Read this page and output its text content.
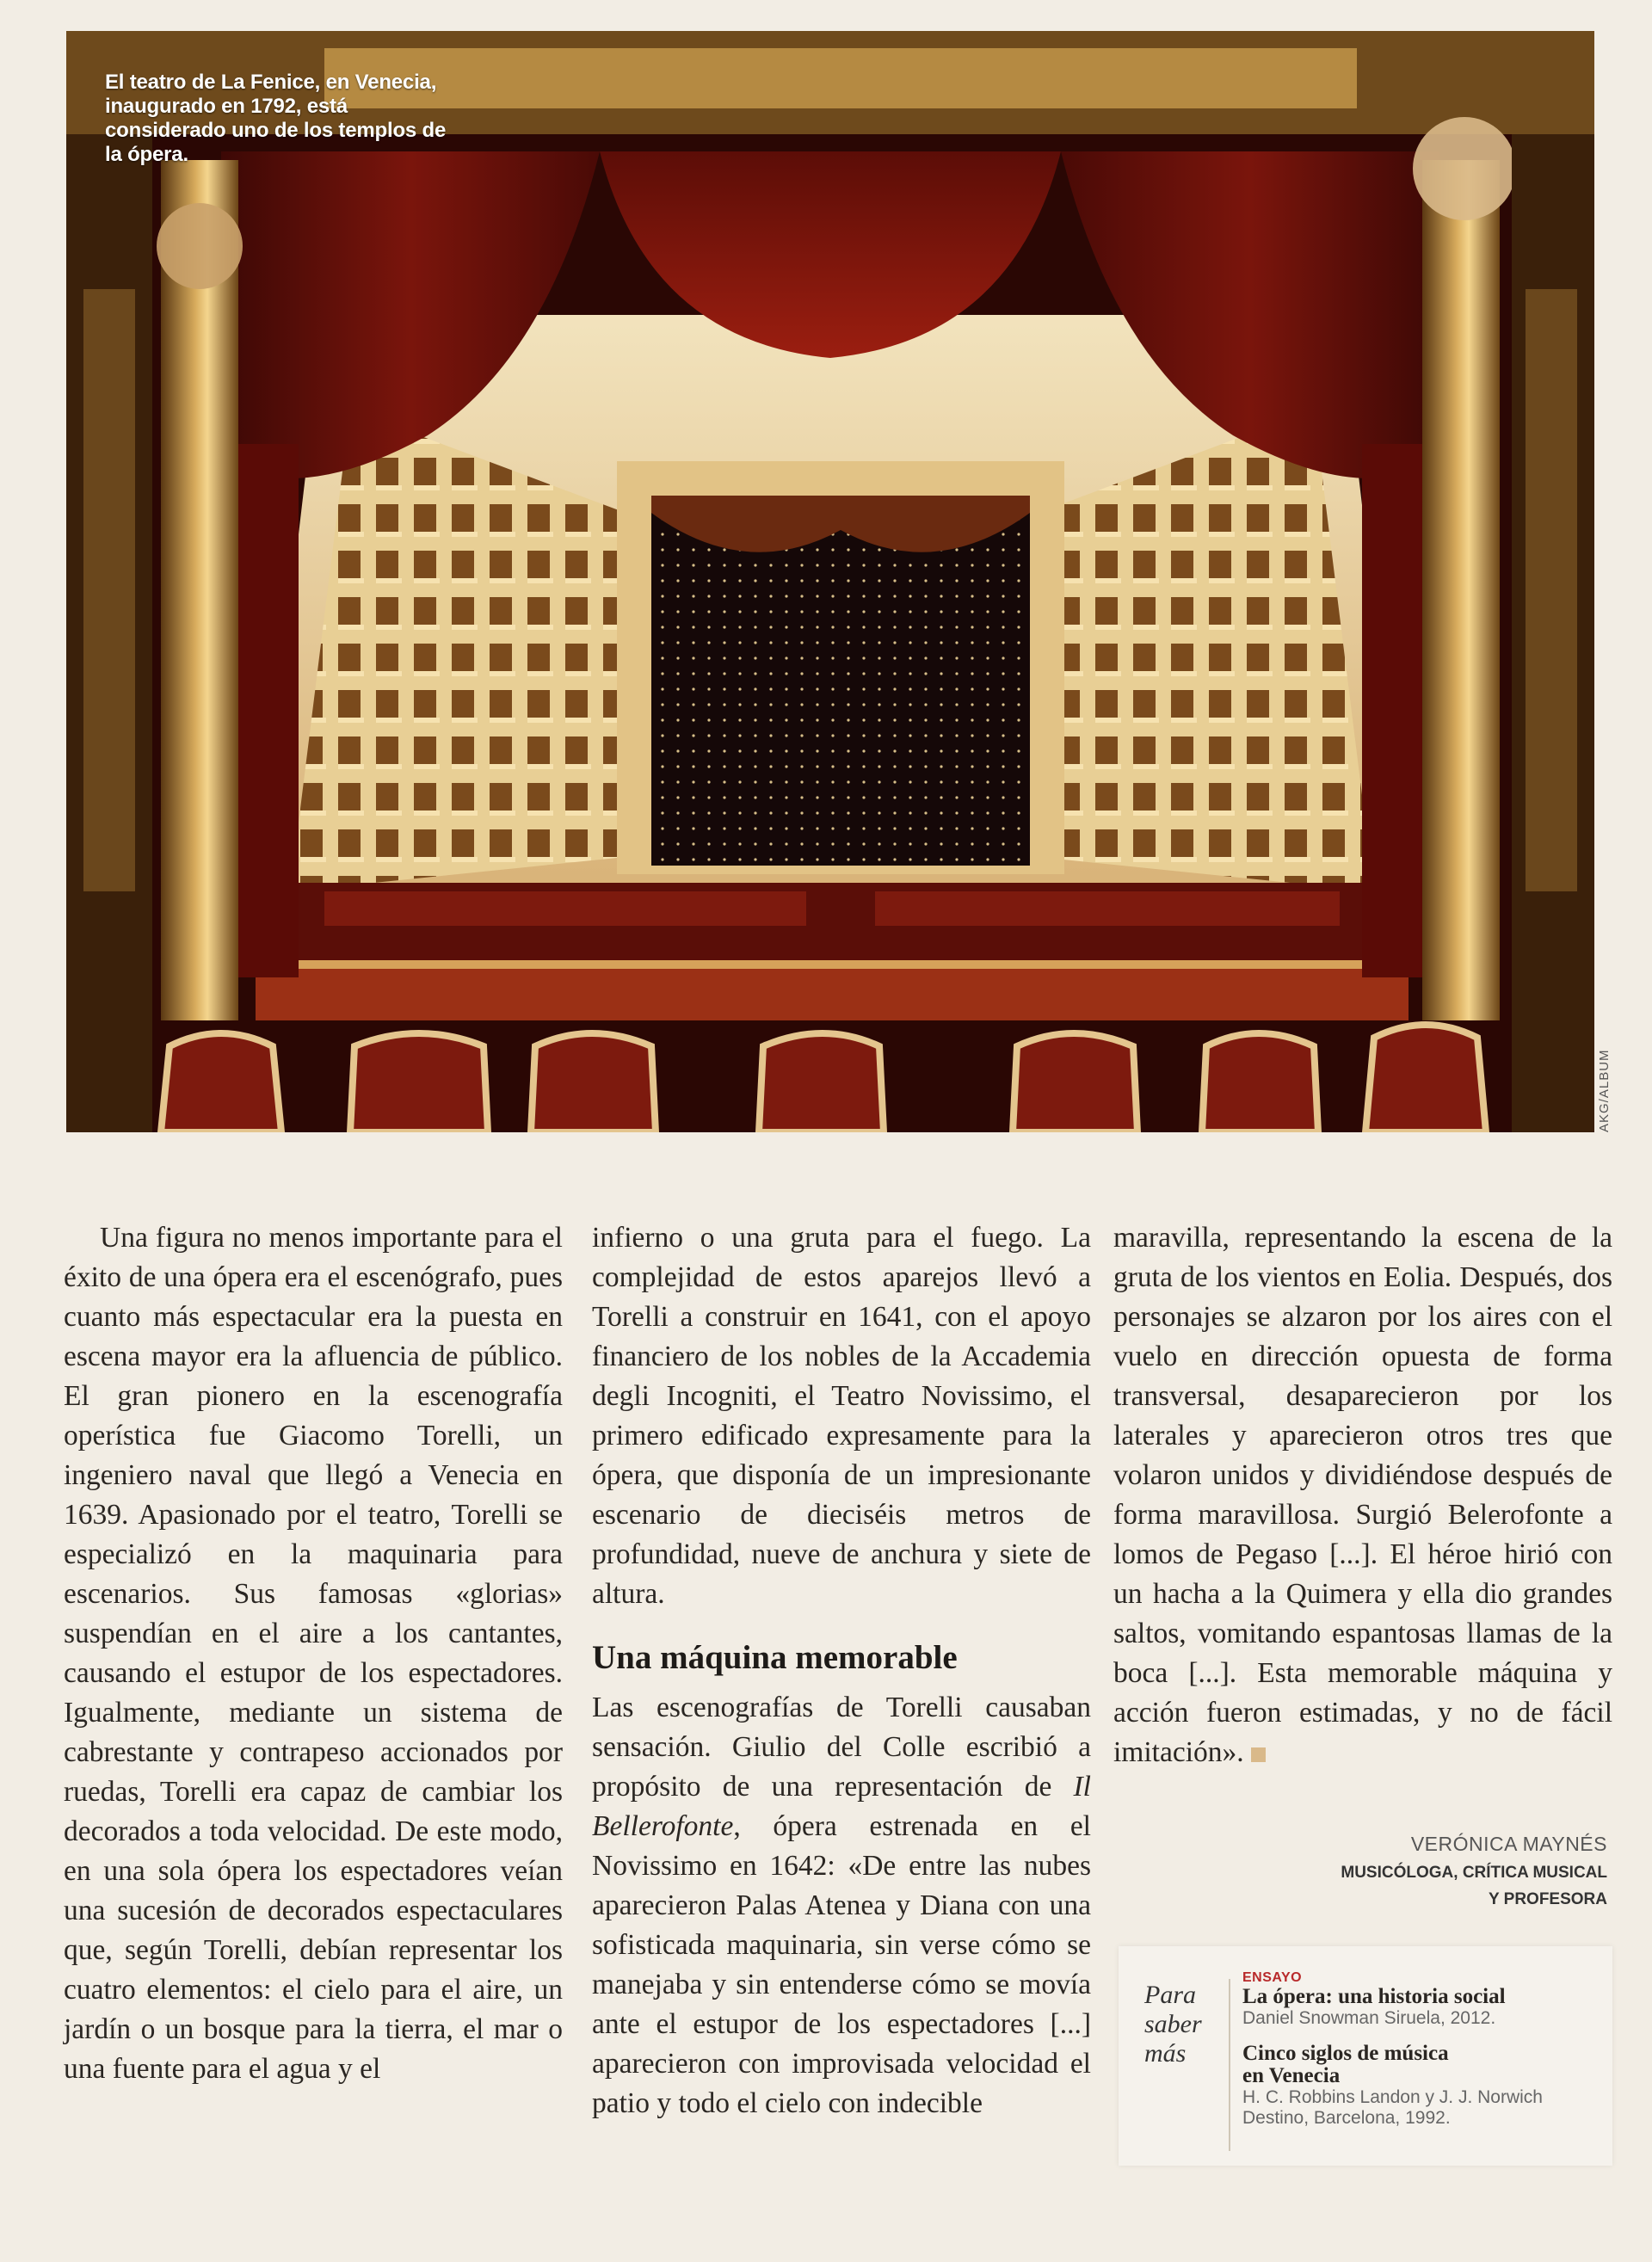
El teatro de La Fenice, en Venecia, inaugurado en 1792, está considerado uno de los templos de la ópera.
AKG/ALBUM

Una figura no menos importante para el éxito de una ópera era el escenógrafo, pues cuanto más espectacular era la puesta en escena mayor era la afluencia de público. El gran pionero en la escenografía operística fue Giacomo Torelli, un ingeniero naval que llegó a Venecia en 1639. Apasionado por el teatro, Torelli se especializó en la maquinaria para escenarios. Sus famosas «glorias» suspendían en el aire a los cantantes, causando el estupor de los espectadores. Igualmente, mediante un sistema de cabrestante y contrapeso accionados por ruedas, Torelli era capaz de cambiar los decorados a toda velocidad. De este modo, en una sola ópera los espectadores veían una sucesión de decorados espectaculares que, según Torelli, debían representar los cuatro elementos: el cielo para el aire, un jardín o un bosque para la tierra, el mar o una fuente para el agua y el

infierno o una gruta para el fuego. La complejidad de estos aparejos llevó a Torelli a construir en 1641, con el apoyo financiero de los nobles de la Accademia degli Incogniti, el Teatro Novissimo, el primero edificado expresamente para la ópera, que disponía de un impresionante escenario de dieciséis metros de profundidad, nueve de anchura y siete de altura.

Una máquina memorable

Las escenografías de Torelli causaban sensación. Giulio del Colle escribió a propósito de una representación de Il Bellerofonte, ópera estrenada en el Novissimo en 1642: «De entre las nubes aparecieron Palas Atenea y Diana con una sofisticada maquinaria, sin verse cómo se manejaba y sin entenderse cómo se movía ante el estupor de los espectadores [...] aparecieron con improvisada velocidad el patio y todo el cielo con indecible

maravilla, representando la escena de la gruta de los vientos en Eolia. Después, dos personajes se alzaron por los aires con el vuelo en dirección opuesta de forma transversal, desaparecieron por los laterales y aparecieron otros tres que volaron unidos y dividiéndose después de forma maravillosa. Surgió Belerofonte a lomos de Pegaso [...]. El héroe hirió con un hacha a la Quimera y ella dio grandes saltos, vomitando espantosas llamas de la boca [...]. Esta memorable máquina y acción fueron estimadas, y no de fácil imitación».

VERÓNICA MAYNÉS
MUSICÓLOGA, CRÍTICA MUSICAL
Y PROFESORA
Para
saber
más
ENSAYO
La ópera: una historia social
Daniel Snowman Siruela, 2012.
Cinco siglos de música
en Venecia
H. C. Robbins Landon y J. J. Norwich
Destino, Barcelona, 1992.
